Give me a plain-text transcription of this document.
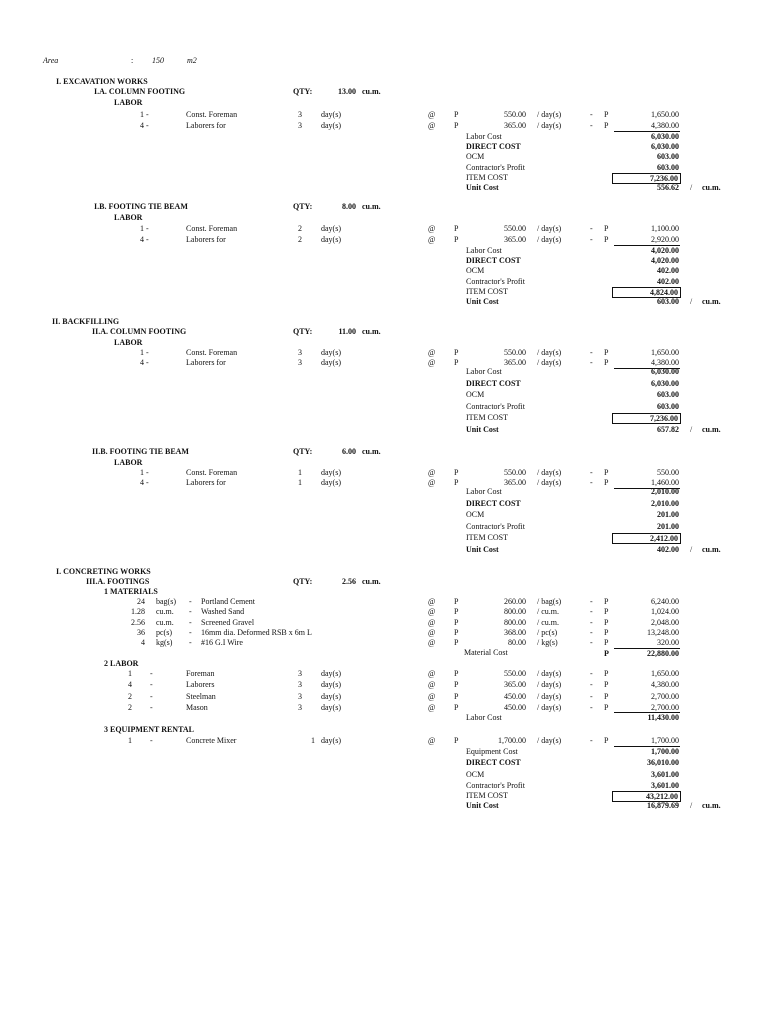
Area	: 150	m2
I. EXCAVATION WORKS
I.A. COLUMN FOOTING	QTY:	13.00 cu.m.
LABOR
1 -	Const. Foreman	3 day(s)	@ P	550.00 / day(s)	- P	1,650.00
4 -	Laborers for	3 day(s)	@ P	365.00 / day(s)	- P	4,380.00
Labor Cost	6,030.00
DIRECT COST	6,030.00
OCM	603.00
Contractor's Profit	603.00
ITEM COST	7,236.00
Unit Cost	556.62 / cu.m.
I.B. FOOTING TIE BEAM	QTY:	8.00 cu.m.
LABOR
1 -	Const. Foreman	2 day(s)	@ P	550.00 / day(s)	- P	1,100.00
4 -	Laborers for	2 day(s)	@ P	365.00 / day(s)	- P	2,920.00
Labor Cost	4,020.00
DIRECT COST	4,020.00
OCM	402.00
Contractor's Profit	402.00
ITEM COST	4,824.00
Unit Cost	603.00 / cu.m.
II. BACKFILLING
II.A. COLUMN FOOTING	QTY:	11.00 cu.m.
LABOR
1 -	Const. Foreman	3 day(s)	@ P	550.00 / day(s)	- P	1,650.00
4 -	Laborers for	3 day(s)	@ P	365.00 / day(s)	- P	4,380.00
Labor Cost	6,030.00
DIRECT COST	6,030.00
OCM	603.00
Contractor's Profit	603.00
ITEM COST	7,236.00
Unit Cost	657.82 / cu.m.
II.B. FOOTING TIE BEAM	QTY:	6.00 cu.m.
LABOR
1 -	Const. Foreman	1 day(s)	@ P	550.00 / day(s)	- P	550.00
4 -	Laborers for	1 day(s)	@ P	365.00 / day(s)	- P	1,460.00
Labor Cost	2,010.00
DIRECT COST	2,010.00
OCM	201.00
Contractor's Profit	201.00
ITEM COST	2,412.00
Unit Cost	402.00 / cu.m.
I. CONCRETING WORKS
III.A. FOOTINGS	QTY:	2.56 cu.m.
1 MATERIALS
24 bag(s) - Portland Cement	@ P	260.00 / bag(s)	- P	6,240.00
1.28 cu.m. - Washed Sand	@ P	800.00 / cu.m.	- P	1,024.00
2.56 cu.m. - Screened Gravel	@ P	800.00 / cu.m.	- P	2,048.00
36 pc(s) - 16mm dia. Deformed RSB x 6m L	@ P	368.00 / pc(s)	- P	13,248.00
4 kg(s) - #16 G.I Wire	@ P	80.00 / kg(s)	- P	320.00
Material Cost	P	22,880.00
2 LABOR
1 -	Foreman	3 day(s)	@ P	550.00 / day(s)	- P	1,650.00
4 -	Laborers	3 day(s)	@ P	365.00 / day(s)	- P	4,380.00
2 -	Steelman	3 day(s)	@ P	450.00 / day(s)	- P	2,700.00
2 -	Mason	3 day(s)	@ P	450.00 / day(s)	- P	2,700.00
Labor Cost	11,430.00
3 EQUIPMENT RENTAL
1 -	Concrete Mixer	1 day(s)	@ P	1,700.00 / day(s)	- P	1,700.00
Equipment Cost	1,700.00
DIRECT COST	36,010.00
OCM	3,601.00
Contractor's Profit	3,601.00
ITEM COST	43,212.00
Unit Cost	16,879.69 / cu.m.
